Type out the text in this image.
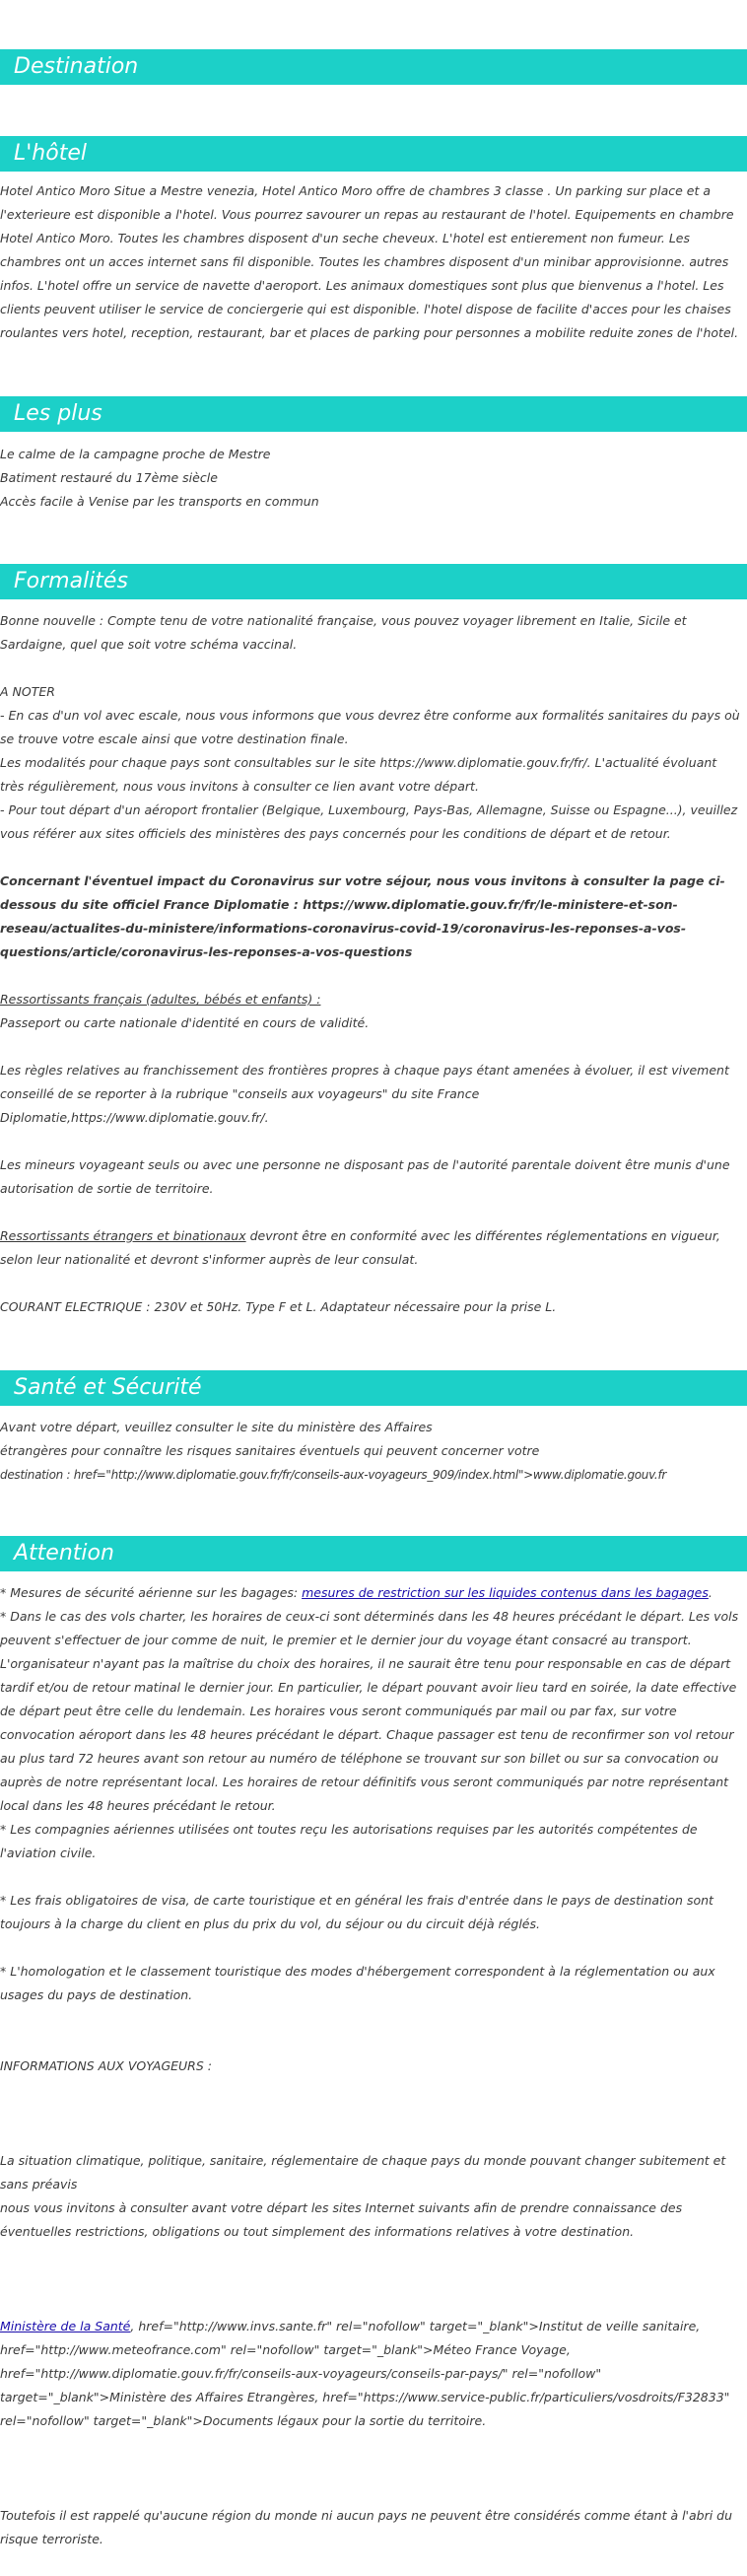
Destination
L'hôtel

Hotel Antico Moro Situe a Mestre venezia, Hotel Antico Moro offre de chambres 3 classe . Un parking sur place et a l'exterieure est disponible a l'hotel. Vous pourrez savourer un repas au restaurant de l'hotel. Equipements en chambre Hotel Antico Moro. Toutes les chambres disposent d'un seche cheveux. L'hotel est entierement non fumeur. Les chambres ont un acces internet sans fil disponible. Toutes les chambres disposent d'un minibar approvisionne. autres infos. L'hotel offre un service de navette d'aeroport. Les animaux domestiques sont plus que bienvenus a l'hotel. Les clients peuvent utiliser le service de conciergerie qui est disponible. l'hotel dispose de facilite d'acces pour les chaises roulantes vers hotel, reception, restaurant, bar et places de parking pour personnes a mobilite reduite zones de l'hotel.

Les plus

Le calme de la campagne proche de Mestre

Batiment restauré du 17ème siècle

Accès facile à Venise par les transports en commun

Formalités

Bonne nouvelle : Compte tenu de votre nationalité française, vous pouvez voyager librement en Italie, Sicile et Sardaigne, quel que soit votre schéma vaccinal.

A NOTER

- En cas d'un vol avec escale, nous vous informons que vous devrez être conforme aux formalités sanitaires du pays où se trouve votre escale ainsi que votre destination finale.

Les modalités pour chaque pays sont consultables sur le site https://www.diplomatie.gouv.fr/fr/. L'actualité évoluant très régulièrement, nous vous invitons à consulter ce lien avant votre départ.

- Pour tout départ d'un aéroport frontalier (Belgique, Luxembourg, Pays-Bas, Allemagne, Suisse ou Espagne...), veuillez vous référer aux sites officiels des ministères des pays concernés pour les conditions de départ et de retour.

Concernant l'éventuel impact du Coronavirus sur votre séjour, nous vous invitons à consulter la page ci-dessous du site officiel France Diplomatie : https://www.diplomatie.gouv.fr/fr/le-ministere-et-son-reseau/actualites-du-ministere/informations-coronavirus-covid-19/coronavirus-les-reponses-a-vos-questions/article/coronavirus-les-reponses-a-vos-questions

Ressortissants français (adultes, bébés et enfants) :

Passeport ou carte nationale d'identité en cours de validité.

Les règles relatives au franchissement des frontières propres à chaque pays étant amenées à évoluer, il est vivement conseillé de se reporter à la rubrique "conseils aux voyageurs" du site France Diplomatie,https://www.diplomatie.gouv.fr/.

Les mineurs voyageant seuls ou avec une personne ne disposant pas de l'autorité parentale doivent être munis d'une autorisation de sortie de territoire.

Ressortissants étrangers et binationaux devront être en conformité avec les différentes réglementations en vigueur, selon leur nationalité et devront s'informer auprès de leur consulat.

COURANT ELECTRIQUE : 230V et 50Hz. Type F et L. Adaptateur nécessaire pour la prise L.

Santé et Sécurité

Avant votre départ, veuillez consulter le site du ministère des Affaires

étrangères pour connaître les risques sanitaires éventuels qui peuvent concerner votre

destination : href="http://www.diplomatie.gouv.fr/fr/conseils-aux-voyageurs_909/index.html">www.diplomatie.gouv.fr

Attention

* Mesures de sécurité aérienne sur les bagages: mesures de restriction sur les liquides contenus dans les bagages.

* Dans le cas des vols charter, les horaires de ceux-ci sont déterminés dans les 48 heures précédant le départ. Les vols peuvent s'effectuer de jour comme de nuit, le premier et le dernier jour du voyage étant consacré au transport. L'organisateur n'ayant pas la maîtrise du choix des horaires, il ne saurait être tenu pour responsable en cas de départ tardif et/ou de retour matinal le dernier jour. En particulier, le départ pouvant avoir lieu tard en soirée, la date effective de départ peut être celle du lendemain. Les horaires vous seront communiqués par mail ou par fax, sur votre convocation aéroport dans les 48 heures précédant le départ. Chaque passager est tenu de reconfirmer son vol retour au plus tard 72 heures avant son retour au numéro de téléphone se trouvant sur son billet ou sur sa convocation ou auprès de notre représentant local. Les horaires de retour définitifs vous seront communiqués par notre représentant local dans les 48 heures précédant le retour.

* Les compagnies aériennes utilisées ont toutes reçu les autorisations requises par les autorités compétentes de l'aviation civile.

* Les frais obligatoires de visa, de carte touristique et en général les frais d'entrée dans le pays de destination sont toujours à la charge du client en plus du prix du vol, du séjour ou du circuit déjà réglés.

* L'homologation et le classement touristique des modes d'hébergement correspondent à la réglementation ou aux usages du pays de destination.

INFORMATIONS AUX VOYAGEURS :

La situation climatique, politique, sanitaire, réglementaire de chaque pays du monde pouvant changer subitement et sans préavis

nous vous invitons à consulter avant votre départ les sites Internet suivants afin de prendre connaissance des éventuelles restrictions, obligations ou tout simplement des informations relatives à votre destination.

Ministère de la Santé, href="http://www.invs.sante.fr" rel="nofollow" target="_blank">Institut de veille sanitaire, href="http://www.meteofrance.com" rel="nofollow" target="_blank">Méteo France Voyage, href="http://www.diplomatie.gouv.fr/fr/conseils-aux-voyageurs/conseils-par-pays/" rel="nofollow" target="_blank">Ministère des Affaires Etrangères, href="https://www.service-public.fr/particuliers/vosdroits/F32833" rel="nofollow" target="_blank">Documents légaux pour la sortie du territoire.

Toutefois il est rappelé qu'aucune région du monde ni aucun pays ne peuvent être considérés comme étant à l'abri du risque terroriste.
